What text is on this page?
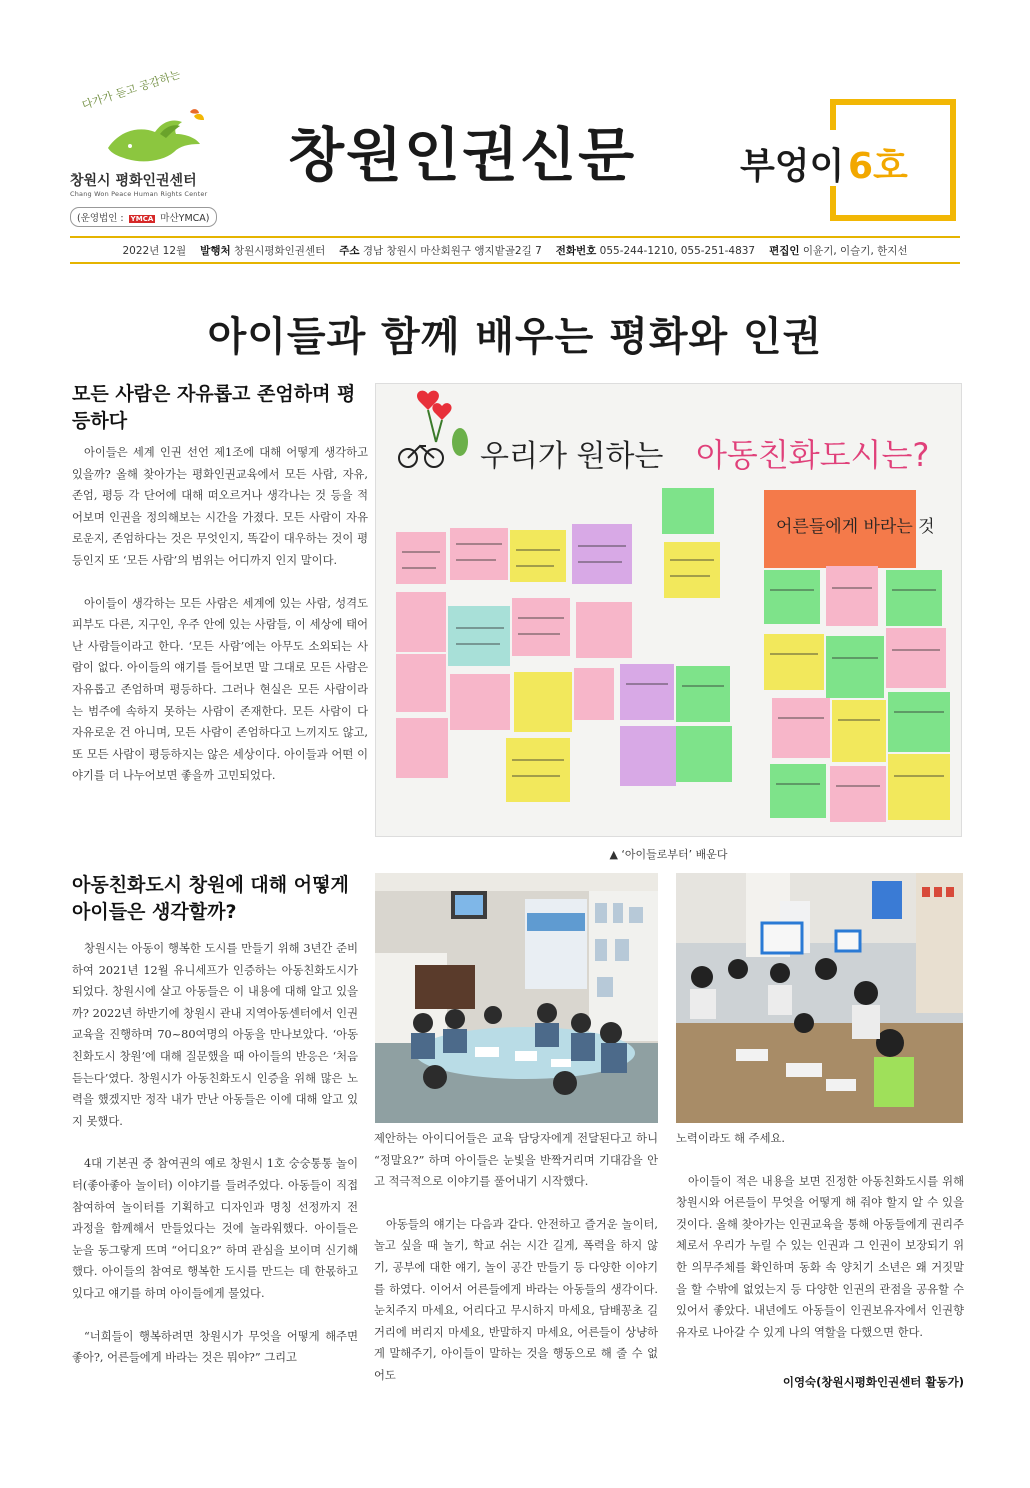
다가가 듣고 공감하는
창원시 평화인권센터
Chang Won Peace Human Rights Center
(운영법인 : YMCA 마산YMCA)
창원인권신문	부엉이 6호
2022년 12월 발행처 창원시평화인권센터 주소 경남 창원시 마산회원구 앵지밭골2길 7 전화번호 055-244-1210, 055-251-4837 편집인 이윤기, 이슬기, 한지선
아이들과 함께 배우는 평화와 인권
모든 사람은 자유롭고 존엄하며 평등하다

아이들은 세계 인권 선언 제1조에 대해 어떻게 생각하고 있을까? 올해 찾아가는 평화인권교육에서 모든 사람, 자유, 존엄, 평등 각 단어에 대해 떠오르거나 생각나는 것 등을 적어보며 인권을 정의해보는 시간을 가졌다. 모든 사람이 자유로운지, 존엄하다는 것은 무엇인지, 똑같이 대우하는 것이 평등인지 또 ‘모든 사람’의 범위는 어디까지 인지 말이다.

아이들이 생각하는 모든 사람은 세계에 있는 사람, 성격도 피부도 다른, 지구인, 우주 안에 있는 사람들, 이 세상에 태어난 사람들이라고 한다. ‘모든 사람’에는 아무도 소외되는 사람이 없다. 아이들의 얘기를 들어보면 말 그대로 모든 사람은 자유롭고 존엄하며 평등하다. 그러나 현실은 모든 사람이라는 범주에 속하지 못하는 사람이 존재한다. 모든 사람이 다 자유로운 건 아니며, 모든 사람이 존엄하다고 느끼지도 않고, 또 모든 사람이 평등하지는 않은 세상이다. 아이들과 어떤 이야기를 더 나누어보면 좋을까 고민되었다.

우리가 원하는 아동친화도시는?
어른들에게 바라는 것
▲ ‘아이들로부터’ 배운다
아동친화도시 창원에 대해 어떻게 아이들은 생각할까?

창원시는 아동이 행복한 도시를 만들기 위해 3년간 준비하여 2021년 12월 유니세프가 인증하는 아동친화도시가 되었다. 창원시에 살고 아동들은 이 내용에 대해 알고 있을까? 2022년 하반기에 창원시 관내 지역아동센터에서 인권교육을 진행하며 70~80여명의 아동을 만나보았다. ‘아동친화도시 창원’에 대해 질문했을 때 아이들의 반응은 ‘처음 듣는다’였다. 창원시가 아동친화도시 인증을 위해 많은 노력을 했겠지만 정작 내가 만난 아동들은 이에 대해 알고 있지 못했다.

4대 기본권 중 참여권의 예로 창원시 1호 숭숭통통 놀이터(좋아좋아 놀이터) 이야기를 들려주었다. 아동들이 직접 참여하여 놀이터를 기획하고 디자인과 명칭 선정까지 전 과정을 함께해서 만들었다는 것에 놀라워했다. 아이들은 눈을 동그랗게 뜨며 “어디요?” 하며 관심을 보이며 신기해했다. 아이들의 참여로 행복한 도시를 만드는 데 한몫하고 있다고 얘기를 하며 아이들에게 물었다.

“너희들이 행복하려면 창원시가 무엇을 어떻게 해주면 좋아?, 어른들에게 바라는 것은 뭐야?” 그리고

제안하는 아이디어들은 교육 담당자에게 전달된다고 하니 “정말요?” 하며 아이들은 눈빛을 반짝거리며 기대감을 안고 적극적으로 이야기를 풀어내기 시작했다.

아동들의 얘기는 다음과 같다. 안전하고 즐거운 놀이터, 놀고 싶을 때 놀기, 학교 쉬는 시간 길게, 폭력을 하지 않기, 공부에 대한 얘기, 놀이 공간 만들기 등 다양한 이야기를 하였다. 이어서 어른들에게 바라는 아동들의 생각이다. 눈치주지 마세요, 어리다고 무시하지 마세요, 담배꽁초 길거리에 버리지 마세요, 반말하지 마세요, 어른들이 상냥하게 말해주기, 아이들이 말하는 것을 행동으로 해 줄 수 없어도

노력이라도 해 주세요.

아이들이 적은 내용을 보면 진정한 아동친화도시를 위해 창원시와 어른들이 무엇을 어떻게 해 줘야 할지 알 수 있을 것이다. 올해 찾아가는 인권교육을 통해 아동들에게 권리주체로서 우리가 누릴 수 있는 인권과 그 인권이 보장되기 위한 의무주체를 확인하며 동화 속 양치기 소년은 왜 거짓말을 할 수밖에 없었는지 등 다양한 인권의 관점을 공유할 수 있어서 좋았다. 내년에도 아동들이 인권보유자에서 인권향유자로 나아갈 수 있게 나의 역할을 다했으면 한다.

이영숙(창원시평화인권센터 활동가)
